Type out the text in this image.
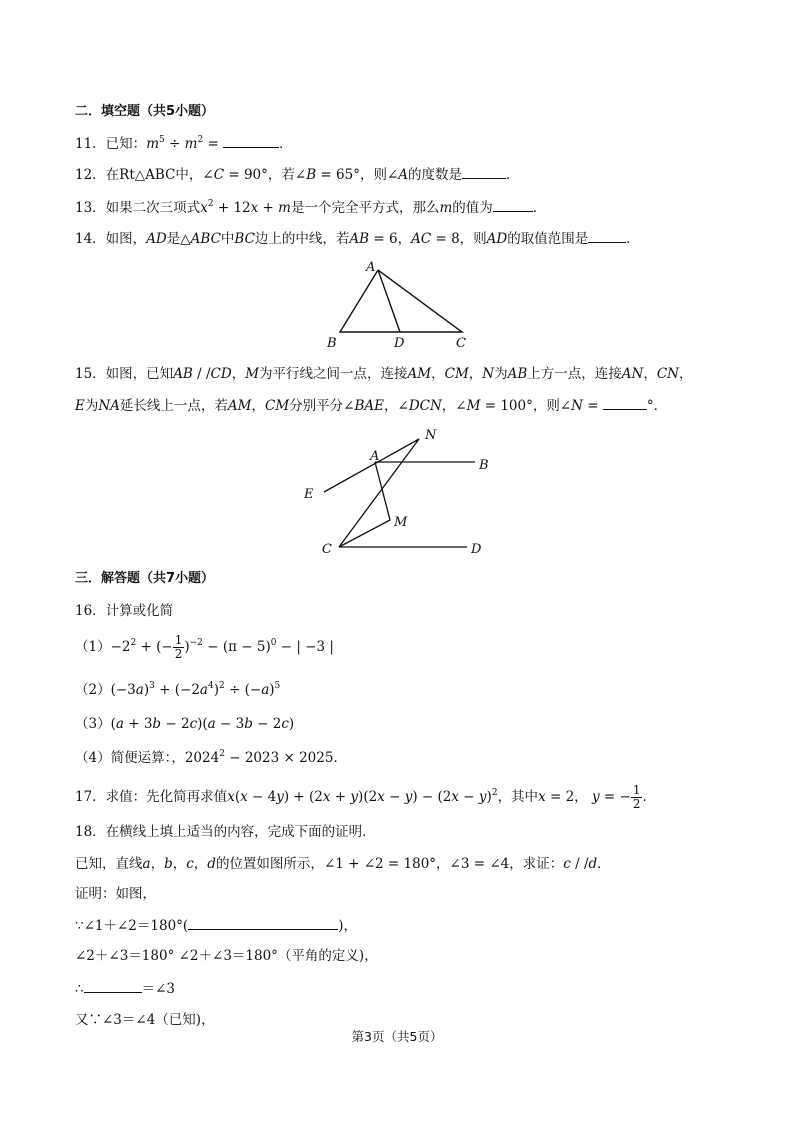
二．填空题（共5小题）
11．已知：$m^5 \div m^2$ =	．
12．在Rt△ABC中，∠C = 90°，若∠B = 65°，则∠A的度数是	．
13．如果二次三项式$x^2 + 12x + m$是一个完全平方式，那么m的值为	．
14．如图，AD是△ABC中BC边上的中线，若AB = 6，AC = 8，则AD的取值范围是	．
A
B	D	C
15．如图，已知AB / /CD，M为平行线之间一点，连接AM，CM，N为AB上方一点，连接AN，CN，
E为NA延长线上一点，若AM，CM分别平分∠BAE，∠DCN，∠M = 100°，则∠N =	°．
N
A
B
E
M
C	D
三．解答题（共7小题）
16．计算或化简
$(1)-2^2$ + (− $\frac{1}{2} )^{-2} - (\pi - 5)^0$ − | −3 |
$(2)(-3a)^3 + (-2a^4)^2 \div (-a)^5$
（3）(a + 3b − 2c)(a − 3b − 2c)
（4）简便运算：，$2024^2 - 2023 \times 2025$．
17．求值：先化简再求值$x(x - 4y) + (2x + y)(2x - y) - (2x - y)^2$，其中x = 2， y = − $\frac{1}{2}$ ．
18．在横线上填上适当的内容，完成下面的证明．
已知，直线a，b，c，d的位置如图所示，∠1 + ∠2 = 180°，∠3 = ∠4，求证：c / /d．
证明：如图，
∵∠1＋∠2＝180°(	)，
∠2＋∠3＝180° ∠2＋∠3＝180°（平角的定义)，
∴	＝∠3
又∵∠3＝∠4（已知)，
第3页（共5页）
